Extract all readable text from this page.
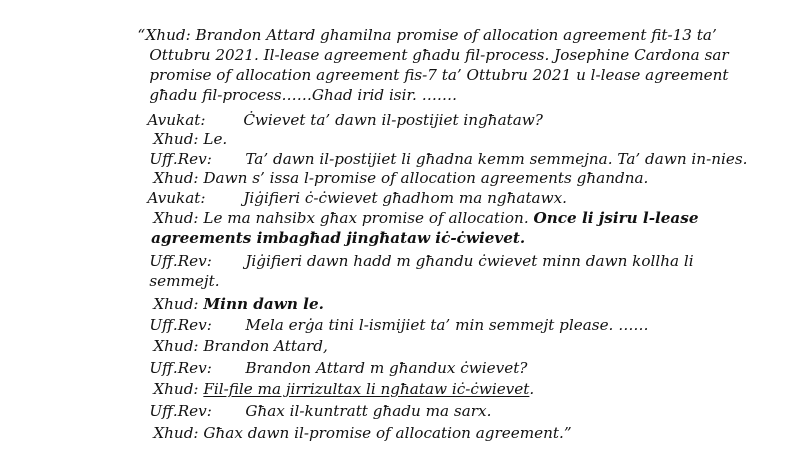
“Xhud: Brandon Attard ghamilna promise of allocation agreement fit-13 ta’

Ottubru 2021. Il-lease agreement għadu fil-process. Josephine Cardona sar

promise of allocation agreement fis-7 ta’ Ottubru 2021 u l-lease agreement

għadu fil-process……Ghad irid isir. …….

Avukat: Ċwievet ta’ dawn il-postijiet ingħataw?

Xhud: Le.

Uff.Rev: Ta’ dawn il-postijiet li għadna kemm semmejna. Ta’ dawn in-nies.

Xhud: Dawn s’ issa l-promise of allocation agreements għandna.

Avukat: Jiġifieri ċ-ċwievet għadhom ma ngħatawx.

Xhud: Le ma nahsibx għax promise of allocation. Once li jsiru l-lease

agreements imbagħad jingħataw iċ-ċwievet.

Uff.Rev: Jiġifieri dawn hadd m għandu ċwievet minn dawn kollha li

semmejt.

Xhud: Minn dawn le.

Uff.Rev: Mela erġa tini l-ismijiet ta’ min semmejt please. ……

Xhud: Brandon Attard,

Uff.Rev: Brandon Attard m għandux ċwievet?

Xhud: Fil-file ma jirrizultax li ngħataw iċ-ċwievet.

Uff.Rev: Għax il-kuntratt għadu ma sarx.

Xhud: Għax dawn il-promise of allocation agreement.”
